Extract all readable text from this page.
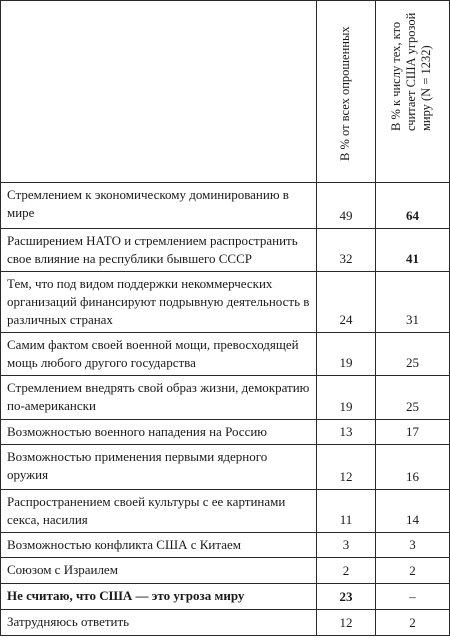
	В % от всех опрошенных	В % к числу тех, кто
считает США угрозой
миру (N = 1232)

Стремлением к экономическому доминированию в мире	49	64
Расширением НАТО и стремлением распространить свое влияние на республики бывшего СССР	32	41
Тем, что под видом поддержки некоммерческих организаций финансируют подрывную деятельность в различных странах	24	31
Самим фактом своей военной мощи, превосходящей мощь любого другого государства	19	25
Стремлением внедрять свой образ жизни, демократию по-американски	19	25
Возможностью военного нападения на Россию	13	17
Возможностью применения первыми ядерного оружия	12	16
Распространением своей культуры с ее картинами секса, насилия	11	14
Возможностью конфликта США с Китаем	3	3
Союзом с Израилем	2	2
Не считаю, что США — это угроза миру	23	–
Затрудняюсь ответить	12	2
